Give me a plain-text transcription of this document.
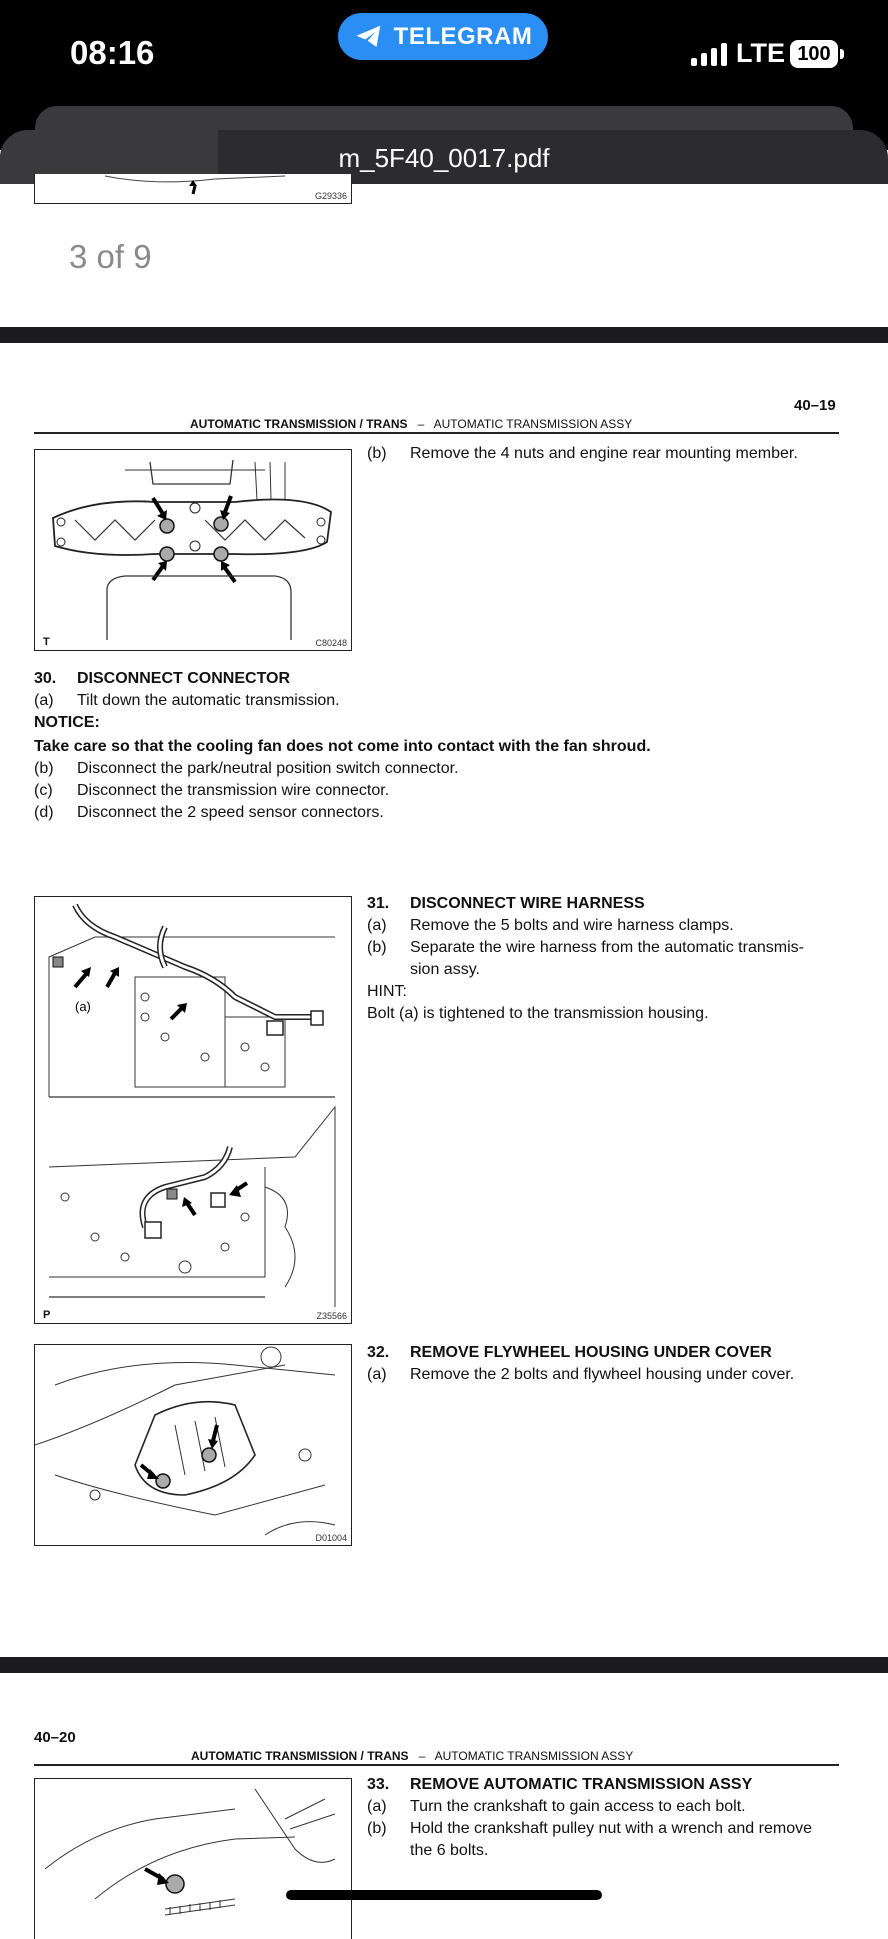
08:16	TELEGRAM
LTE 100
m_5F40_0017.pdf
G29336
3 of 9
40–19
AUTOMATIC TRANSMISSION / TRANS – AUTOMATIC TRANSMISSION ASSY
T	C80248
(b) Remove the 4 nuts and engine rear mounting member.
30. DISCONNECT CONNECTOR
(a) Tilt down the automatic transmission.
NOTICE:
Take care so that the cooling fan does not come into contact with the fan shroud.
(b) Disconnect the park/neutral position switch connector.
(c) Disconnect the transmission wire connector.
(d) Disconnect the 2 speed sensor connectors.
(a)
P	Z35566
31. DISCONNECT WIRE HARNESS
(a) Remove the 5 bolts and wire harness clamps.
(b) Separate the wire harness from the automatic transmis-
sion assy.
HINT:
Bolt (a) is tightened to the transmission housing.
D01004
32. REMOVE FLYWHEEL HOUSING UNDER COVER
(a) Remove the 2 bolts and flywheel housing under cover.
40–20
AUTOMATIC TRANSMISSION / TRANS – AUTOMATIC TRANSMISSION ASSY
33. REMOVE AUTOMATIC TRANSMISSION ASSY
(a) Turn the crankshaft to gain access to each bolt.
(b) Hold the crankshaft pulley nut with a wrench and remove
the 6 bolts.
